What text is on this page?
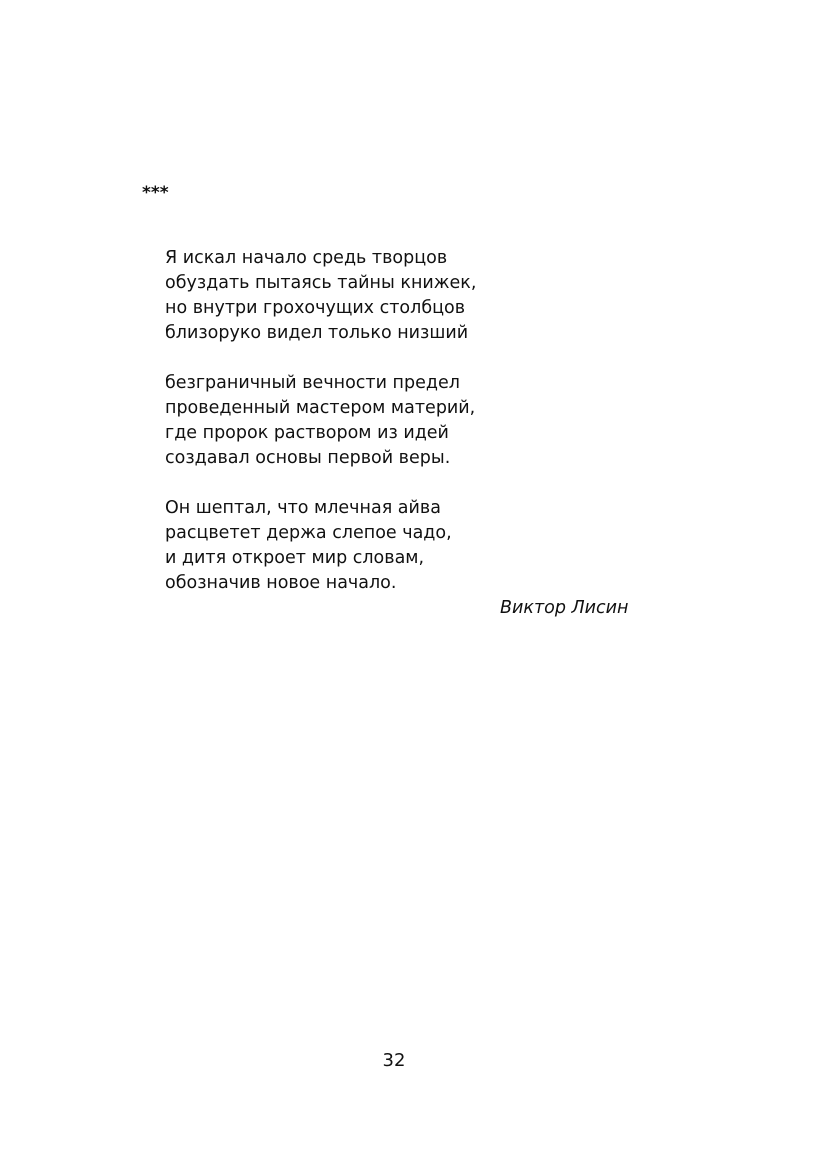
***
Я искал начало средь творцов
обуздать пытаясь тайны книжек,
но внутри грохочущих столбцов
близоруко видел только низший
безграничный вечности предел
проведенный мастером материй,
где пророк раствором из идей
создавал основы первой веры.
Он шептал, что млечная айва
расцветет держа слепое чадо,
и дитя откроет мир словам,
обозначив новое начало.
Виктор Лисин
32
